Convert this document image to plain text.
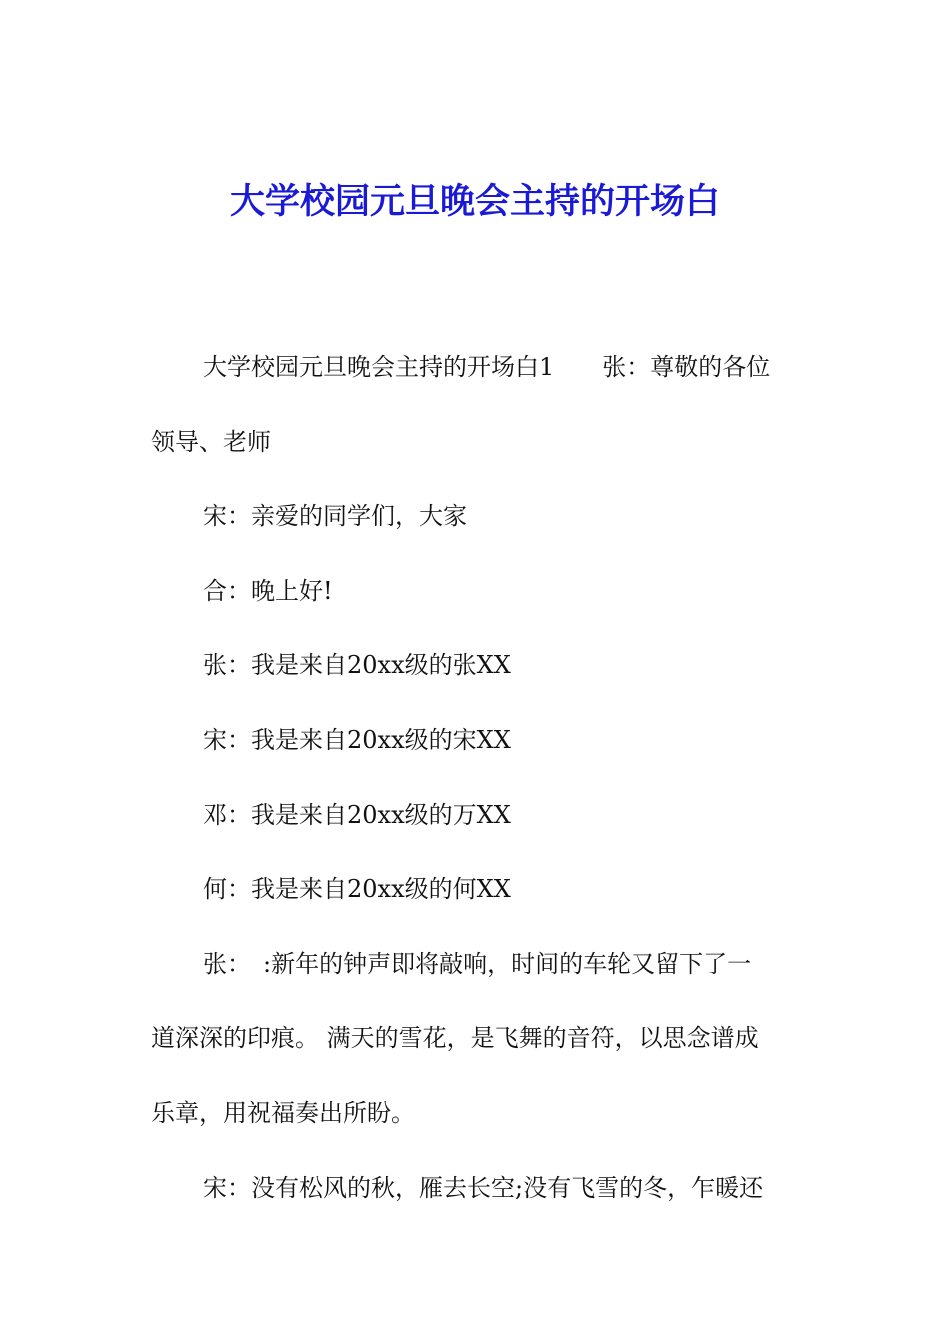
大学校园元旦晚会主持的开场白
大学校园元旦晚会主持的开场白1　　张：尊敬的各位
领导、老师
宋：亲爱的同学们，大家
合：晚上好!
张：我是来自20xx级的张XX
宋：我是来自20xx级的宋XX
邓：我是来自20xx级的万XX
何：我是来自20xx级的何XX
张：　:新年的钟声即将敲响，时间的车轮又留下了一
道深深的印痕。 满天的雪花，是飞舞的音符，以思念谱成
乐章，用祝福奏出所盼。
宋：没有松风的秋，雁去长空;没有飞雪的冬，乍暖还
